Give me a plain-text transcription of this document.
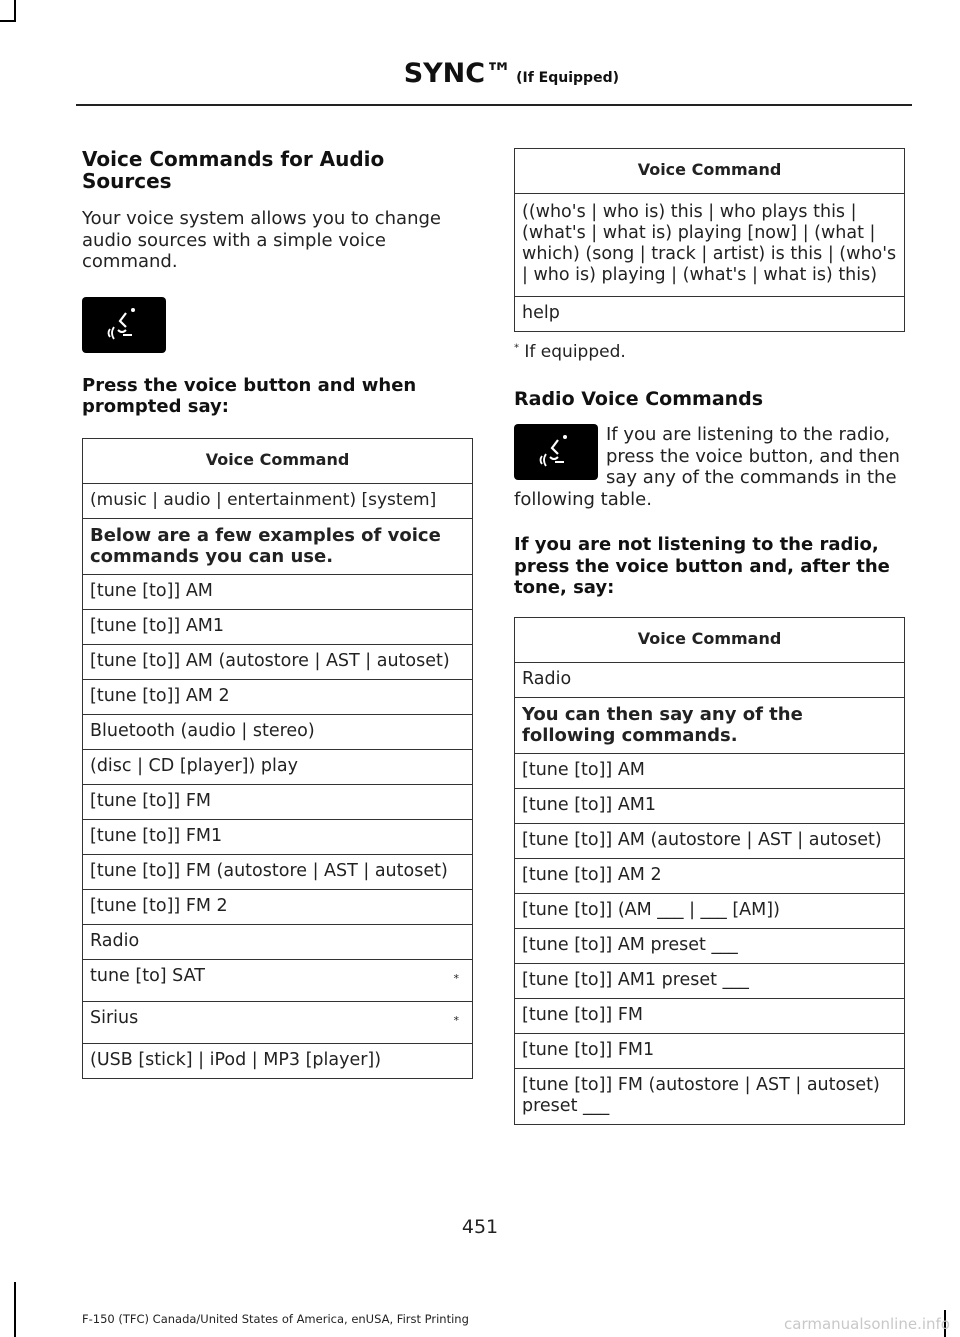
SYNC™ (If Equipped)
Voice Commands for Audio Sources

Your voice system allows you to change audio sources with a simple voice command.

Press the voice button and when prompted say:

Voice Command
(music | audio | entertainment) [system]
Below are a few examples of voice commands you can use.
[tune [to]] AM
[tune [to]] AM1
[tune [to]] AM (autostore | AST | autoset)
[tune [to]] AM 2
Bluetooth (audio | stereo)
(disc | CD [player]) play
[tune [to]] FM
[tune [to]] FM1
[tune [to]] FM (autostore | AST | autoset)
[tune [to]] FM 2
Radio

tune [to] SAT	*

Sirius	*

(USB [stick] | iPod | MP3 [player])
Voice Command
((who's | who is) this | who plays this | (what's | what is) playing [now] | (what | which) (song | track | artist) is this | (who's | who is) playing | (what's | what is) this)
help

* If equipped.

Radio Voice Commands

If you are listening to the radio, press the voice button, and then say any of the commands in the following table.

If you are not listening to the radio, press the voice button and, after the tone, say:

Voice Command
Radio
You can then say any of the following commands.
[tune [to]] AM
[tune [to]] AM1
[tune [to]] AM (autostore | AST | autoset)
[tune [to]] AM 2
[tune [to]] (AM ___ | ___ [AM])
[tune [to]] AM preset ___
[tune [to]] AM1 preset ___
[tune [to]] FM
[tune [to]] FM1
[tune [to]] FM (autostore | AST | autoset) preset ___
451
F-150 (TFC) Canada/United States of America, enUSA, First Printing	carmanualsonline.info
